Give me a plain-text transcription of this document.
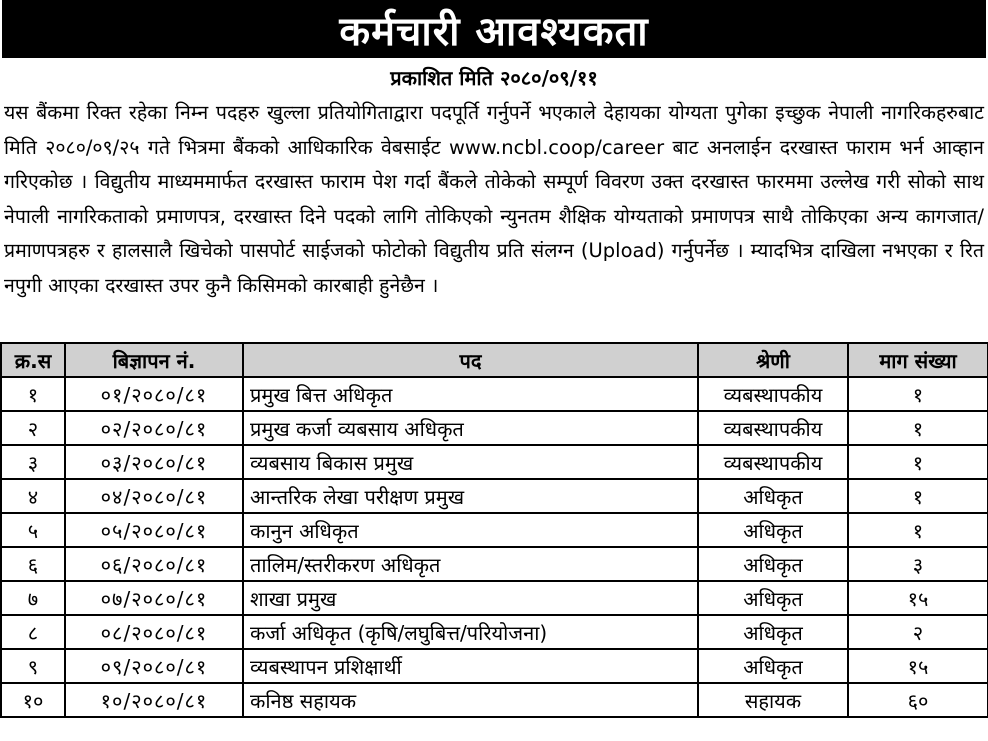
कर्मचारी आवश्यकता
प्रकाशित मिति २०८०/०९/११
यस बैंकमा रिक्त रहेका निम्न पदहरु खुल्ला प्रतियोगिताद्वारा पदपूर्ति गर्नुपर्ने भएकाले देहायका योग्यता पुगेका इच्छुक नेपाली नागरिकहरुबाट मिति २०८०/०९/२५ गते भित्रमा बैंकको आधिकारिक वेबसाईट www.ncbl.coop/career बाट अनलाईन दरखास्त फाराम भर्न आव्हान गरिएकोछ । विद्युतीय माध्यममार्फत दरखास्त फाराम पेश गर्दा बैंकले तोकेको सम्पूर्ण विवरण उक्त दरखास्त फारममा उल्लेख गरी सोको साथ नेपाली नागरिकताको प्रमाणपत्र, दरखास्त दिने पदको लागि तोकिएको न्युनतम शैक्षिक योग्यताको प्रमाणपत्र साथै तोकिएका अन्य कागजात/प्रमाणपत्रहरु र हालसालै खिचेको पासपोर्ट साईजको फोटोको विद्युतीय प्रति संलग्न (Upload) गर्नुपर्नेछ । म्यादभित्र दाखिला नभएका र रित नपुगी आएका दरखास्त उपर कुनै किसिमको कारबाही हुनेछैन ।
क्र.स	बिज्ञापन नं.	पद	श्रेणी	माग संख्या
१	०१/२०८०/८१	प्रमुख बित्त अधिकृत	व्यबस्थापकीय	१
२	०२/२०८०/८१	प्रमुख कर्जा व्यबसाय अधिकृत	व्यबस्थापकीय	१
३	०३/२०८०/८१	व्यबसाय बिकास प्रमुख	व्यबस्थापकीय	१
४	०४/२०८०/८१	आन्तरिक लेखा परीक्षण प्रमुख	अधिकृत	१
५	०५/२०८०/८१	कानुन अधिकृत	अधिकृत	१
६	०६/२०८०/८१	तालिम/स्तरीकरण अधिकृत	अधिकृत	३
७	०७/२०८०/८१	शाखा प्रमुख	अधिकृत	१५
८	०८/२०८०/८१	कर्जा अधिकृत (कृषि/लघुबित्त/परियोजना)	अधिकृत	२
९	०९/२०८०/८१	व्यबस्थापन प्रशिक्षार्थी	अधिकृत	१५
१०	१०/२०८०/८१	कनिष्ठ सहायक	सहायक	६०
